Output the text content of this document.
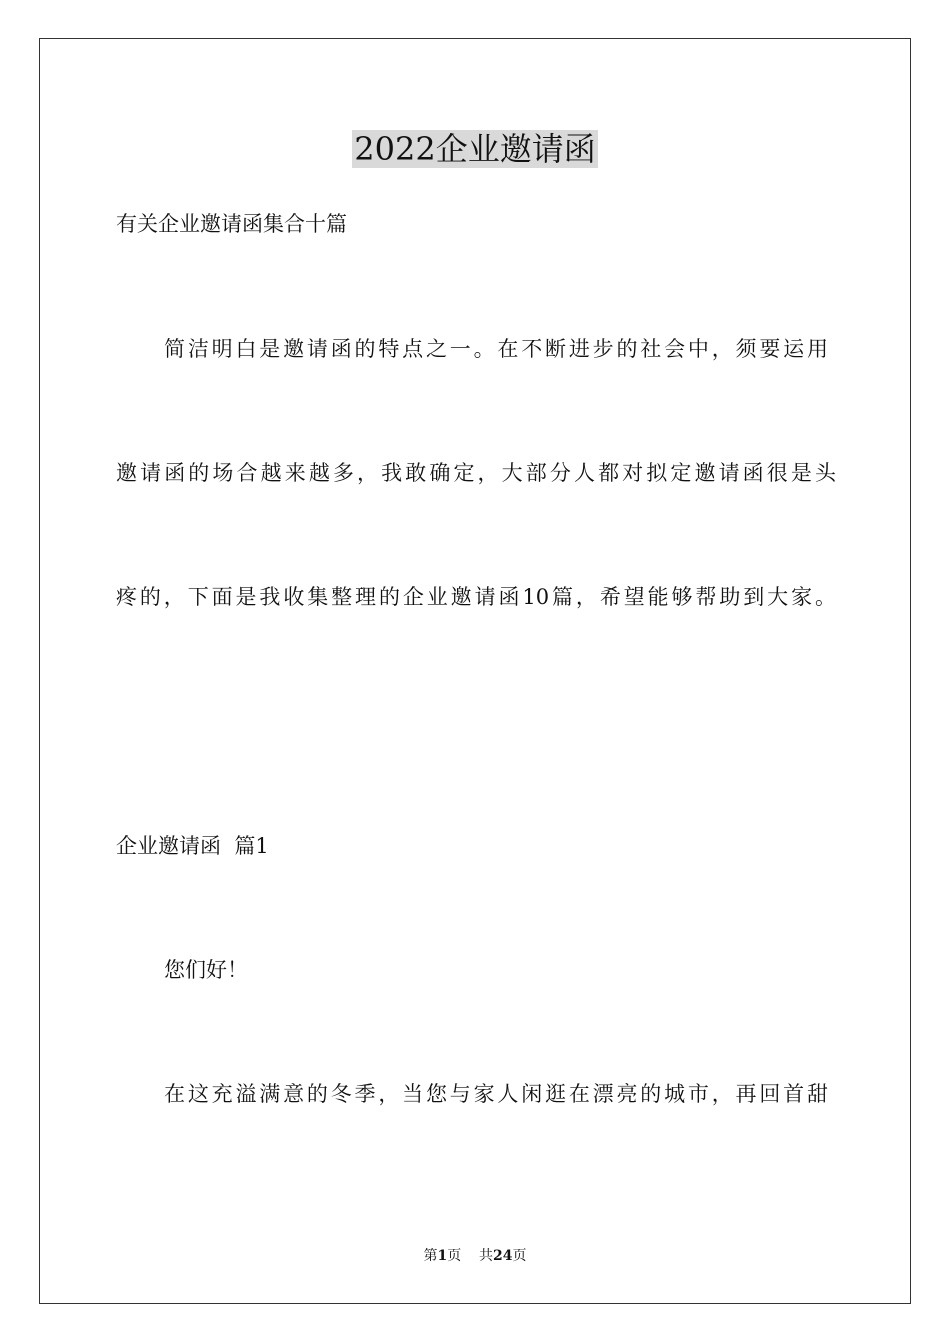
2022企业邀请函
有关企业邀请函集合十篇
简洁明白是邀请函的特点之一。在不断进步的社会中，须要运用
邀请函的场合越来越多，我敢确定，大部分人都对拟定邀请函很是头
疼的，下面是我收集整理的企业邀请函10篇，希望能够帮助到大家。
企业邀请函  篇1
您们好！
在这充溢满意的冬季，当您与家人闲逛在漂亮的城市，再回首甜
第1页    共24页
